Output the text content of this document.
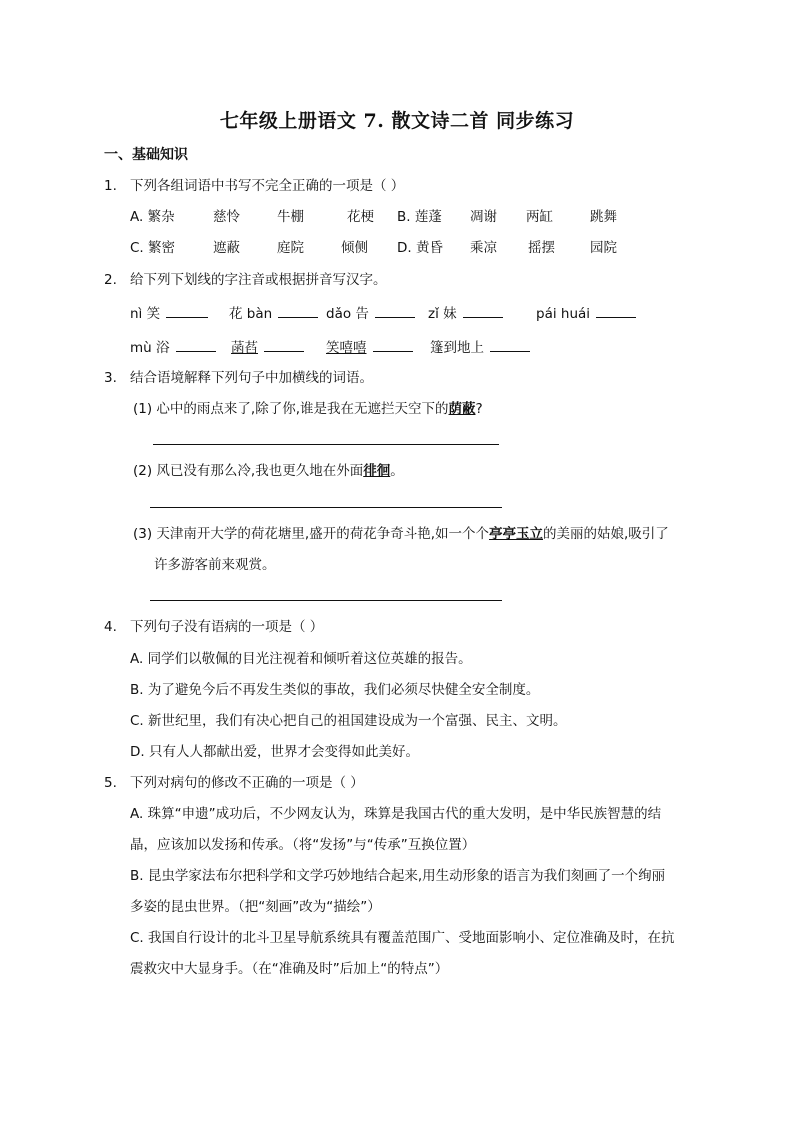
七年级上册语文 7. 散文诗二首 同步练习
一、基础知识
1. 下列各组词语中书写不完全正确的一项是（ ）
A. 繁杂	慈怜	牛棚	花梗 B. 莲蓬 凋谢 两缸	跳舞
C. 繁密	遮蔽	庭院	倾侧 D. 黄昏 乘凉 摇摆	园院
2. 给下列下划线的字注音或根据拼音写汉字。
nì 笑	花 bàn	dǎo 告	zǐ 妹	pái huái
mù 浴	菡萏	笑嘻嘻	篷到地上
3. 结合语境解释下列句子中加横线的词语。
(1) 心中的雨点来了,除了你,谁是我在无遮拦天空下的荫蔽?
(2) 风已没有那么冷,我也更久地在外面徘徊。
(3) 天津南开大学的荷花塘里,盛开的荷花争奇斗艳,如一个个亭亭玉立的美丽的姑娘,吸引了
许多游客前来观赏。
4. 下列句子没有语病的一项是（ ）
A. 同学们以敬佩的目光注视着和倾听着这位英雄的报告。
B. 为了避免今后不再发生类似的事故，我们必须尽快健全安全制度。
C. 新世纪里，我们有决心把自己的祖国建设成为一个富强、民主、文明。
D. 只有人人都献出爱，世界才会变得如此美好。
5. 下列对病句的修改不正确的一项是（ ）
A. 珠算“申遗”成功后，不少网友认为，珠算是我国古代的重大发明，是中华民族智慧的结
晶，应该加以发扬和传承。（将“发扬”与“传承”互换位置）
B. 昆虫学家法布尔把科学和文学巧妙地结合起来,用生动形象的语言为我们刻画了一个绚丽
多姿的昆虫世界。（把“刻画”改为“描绘”）
C. 我国自行设计的北斗卫星导航系统具有覆盖范围广、受地面影响小、定位准确及时，在抗
震救灾中大显身手。（在“准确及时”后加上“的特点”）
